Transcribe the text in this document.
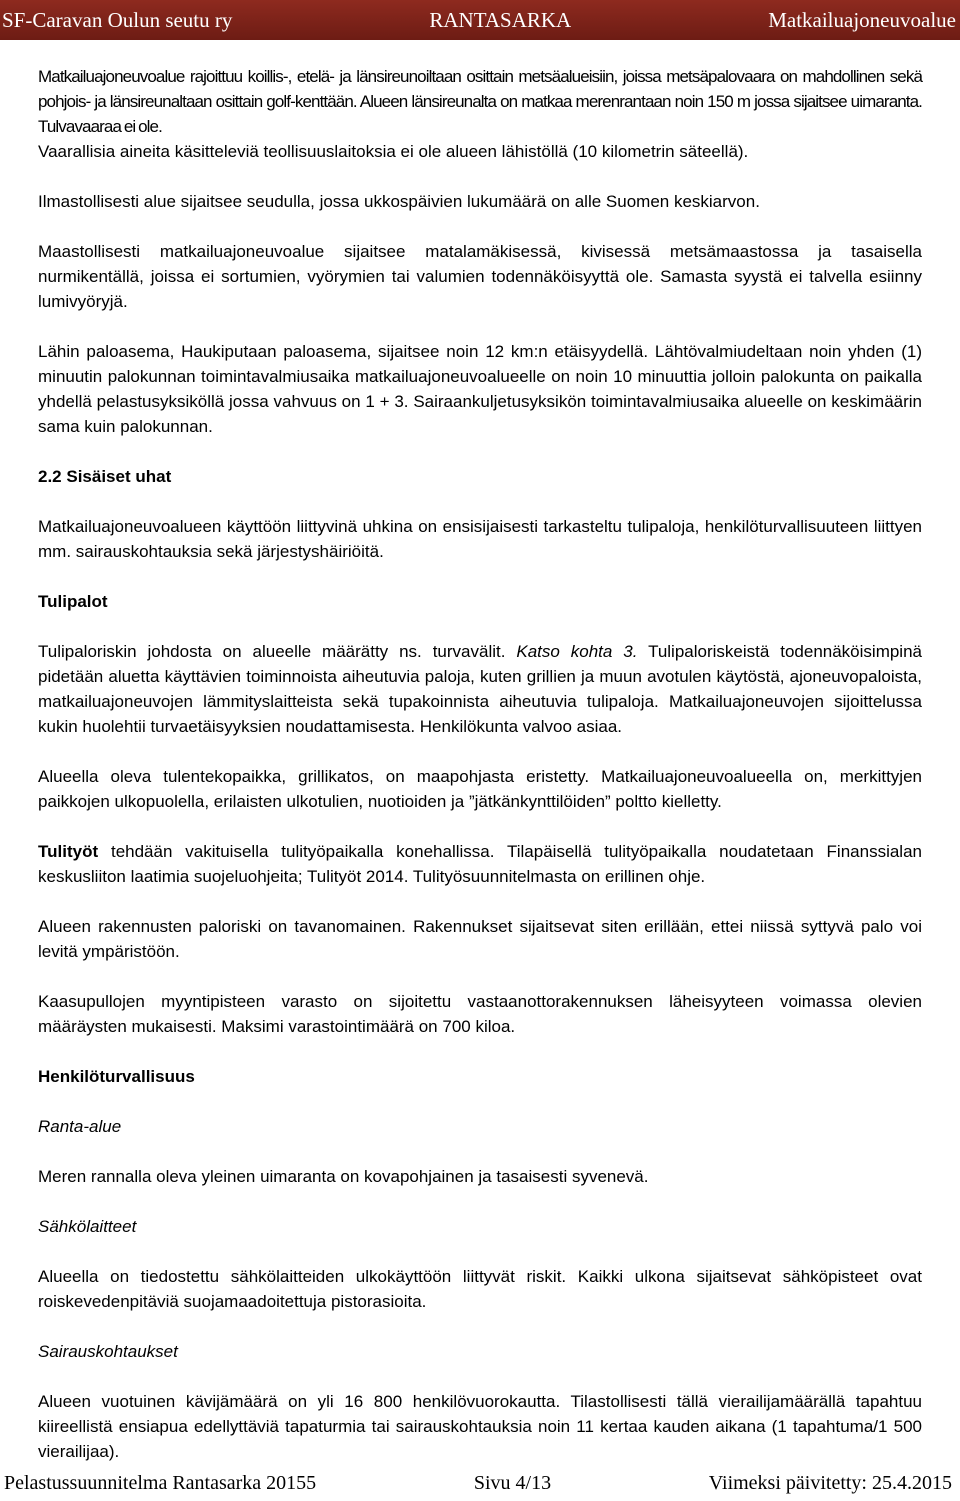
SF-Caravan Oulun seutu ry	RANTASARKA	Matkailuajoneuvoalue

Matkailuajoneuvoalue rajoittuu koillis-, etelä- ja länsireunoiltaan osittain metsäalueisiin, joissa metsäpalovaara on mahdollinen sekä pohjois- ja länsireunaltaan osittain golf-kenttään. Alueen länsireunalta on matkaa merenrantaan noin 150 m jossa sijaitsee uimaranta. Tulvavaaraa ei ole.

Vaarallisia aineita käsitteleviä teollisuuslaitoksia ei ole alueen lähistöllä (10 kilometrin säteellä).

Ilmastollisesti alue sijaitsee seudulla, jossa ukkospäivien lukumäärä on alle Suomen keskiarvon.

Maastollisesti matkailuajoneuvoalue sijaitsee matalamäkisessä, kivisessä metsämaastossa ja tasaisella nurmikentällä, joissa ei sortumien, vyörymien tai valumien todennäköisyyttä ole. Samasta syystä ei talvella esiinny lumivyöryjä.

Lähin paloasema, Haukiputaan paloasema, sijaitsee noin 12 km:n etäisyydellä. Lähtövalmiudeltaan noin yhden (1) minuutin palokunnan toimintavalmiusaika matkailuajoneuvoalueelle on noin 10 minuuttia jolloin palokunta on paikalla yhdellä pelastusyksiköllä jossa vahvuus on 1 + 3. Sairaankuljetusyksikön toimintavalmiusaika alueelle on keskimäärin sama kuin palokunnan.

2.2 Sisäiset uhat

Matkailuajoneuvoalueen käyttöön liittyvinä uhkina on ensisijaisesti tarkasteltu tulipaloja, henkilöturvallisuuteen liittyen mm. sairauskohtauksia sekä järjestyshäiriöitä.

Tulipalot

Tulipaloriskin johdosta on alueelle määrätty ns. turvavälit. Katso kohta 3. Tulipaloriskeistä todennäköisimpinä pidetään aluetta käyttävien toiminnoista aiheutuvia paloja, kuten grillien ja muun avotulen käytöstä, ajoneuvopaloista, matkailuajoneuvojen lämmityslaitteista sekä tupakoinnista aiheutuvia tulipaloja. Matkailuajoneuvojen sijoittelussa kukin huolehtii turvaetäisyyksien noudattamisesta. Henkilökunta valvoo asiaa.

Alueella oleva tulentekopaikka, grillikatos, on maapohjasta eristetty. Matkailuajoneuvoalueella on, merkittyjen paikkojen ulkopuolella, erilaisten ulkotulien, nuotioiden ja ”jätkänkynttilöiden” poltto kielletty.

Tulityöt tehdään vakituisella tulityöpaikalla konehallissa. Tilapäisellä tulityöpaikalla noudatetaan Finanssialan keskusliiton laatimia suojeluohjeita; Tulityöt 2014. Tulityösuunnitelmasta on erillinen ohje.

Alueen rakennusten paloriski on tavanomainen. Rakennukset sijaitsevat siten erillään, ettei niissä syttyvä palo voi levitä ympäristöön.

Kaasupullojen myyntipisteen varasto on sijoitettu vastaanottorakennuksen läheisyyteen voimassa olevien määräysten mukaisesti. Maksimi varastointimäärä on 700 kiloa.

Henkilöturvallisuus

Ranta-alue

Meren rannalla oleva yleinen uimaranta on kovapohjainen ja tasaisesti syvenevä.

Sähkölaitteet

Alueella on tiedostettu sähkölaitteiden ulkokäyttöön liittyvät riskit. Kaikki ulkona sijaitsevat sähköpisteet ovat roiskevedenpitäviä suojamaadoitettuja pistorasioita.

Sairauskohtaukset

Alueen vuotuinen kävijämäärä on yli 16 800 henkilövuorokautta. Tilastollisesti tällä vierailijamäärällä tapahtuu kiireellistä ensiapua edellyttäviä tapaturmia tai sairauskohtauksia noin 11 kertaa kauden aikana (1 tapahtuma/1 500 vierailijaa).

Pelastussuunnitelma Rantasarka 20155	Sivu 4/13	Viimeksi päivitetty: 25.4.2015
